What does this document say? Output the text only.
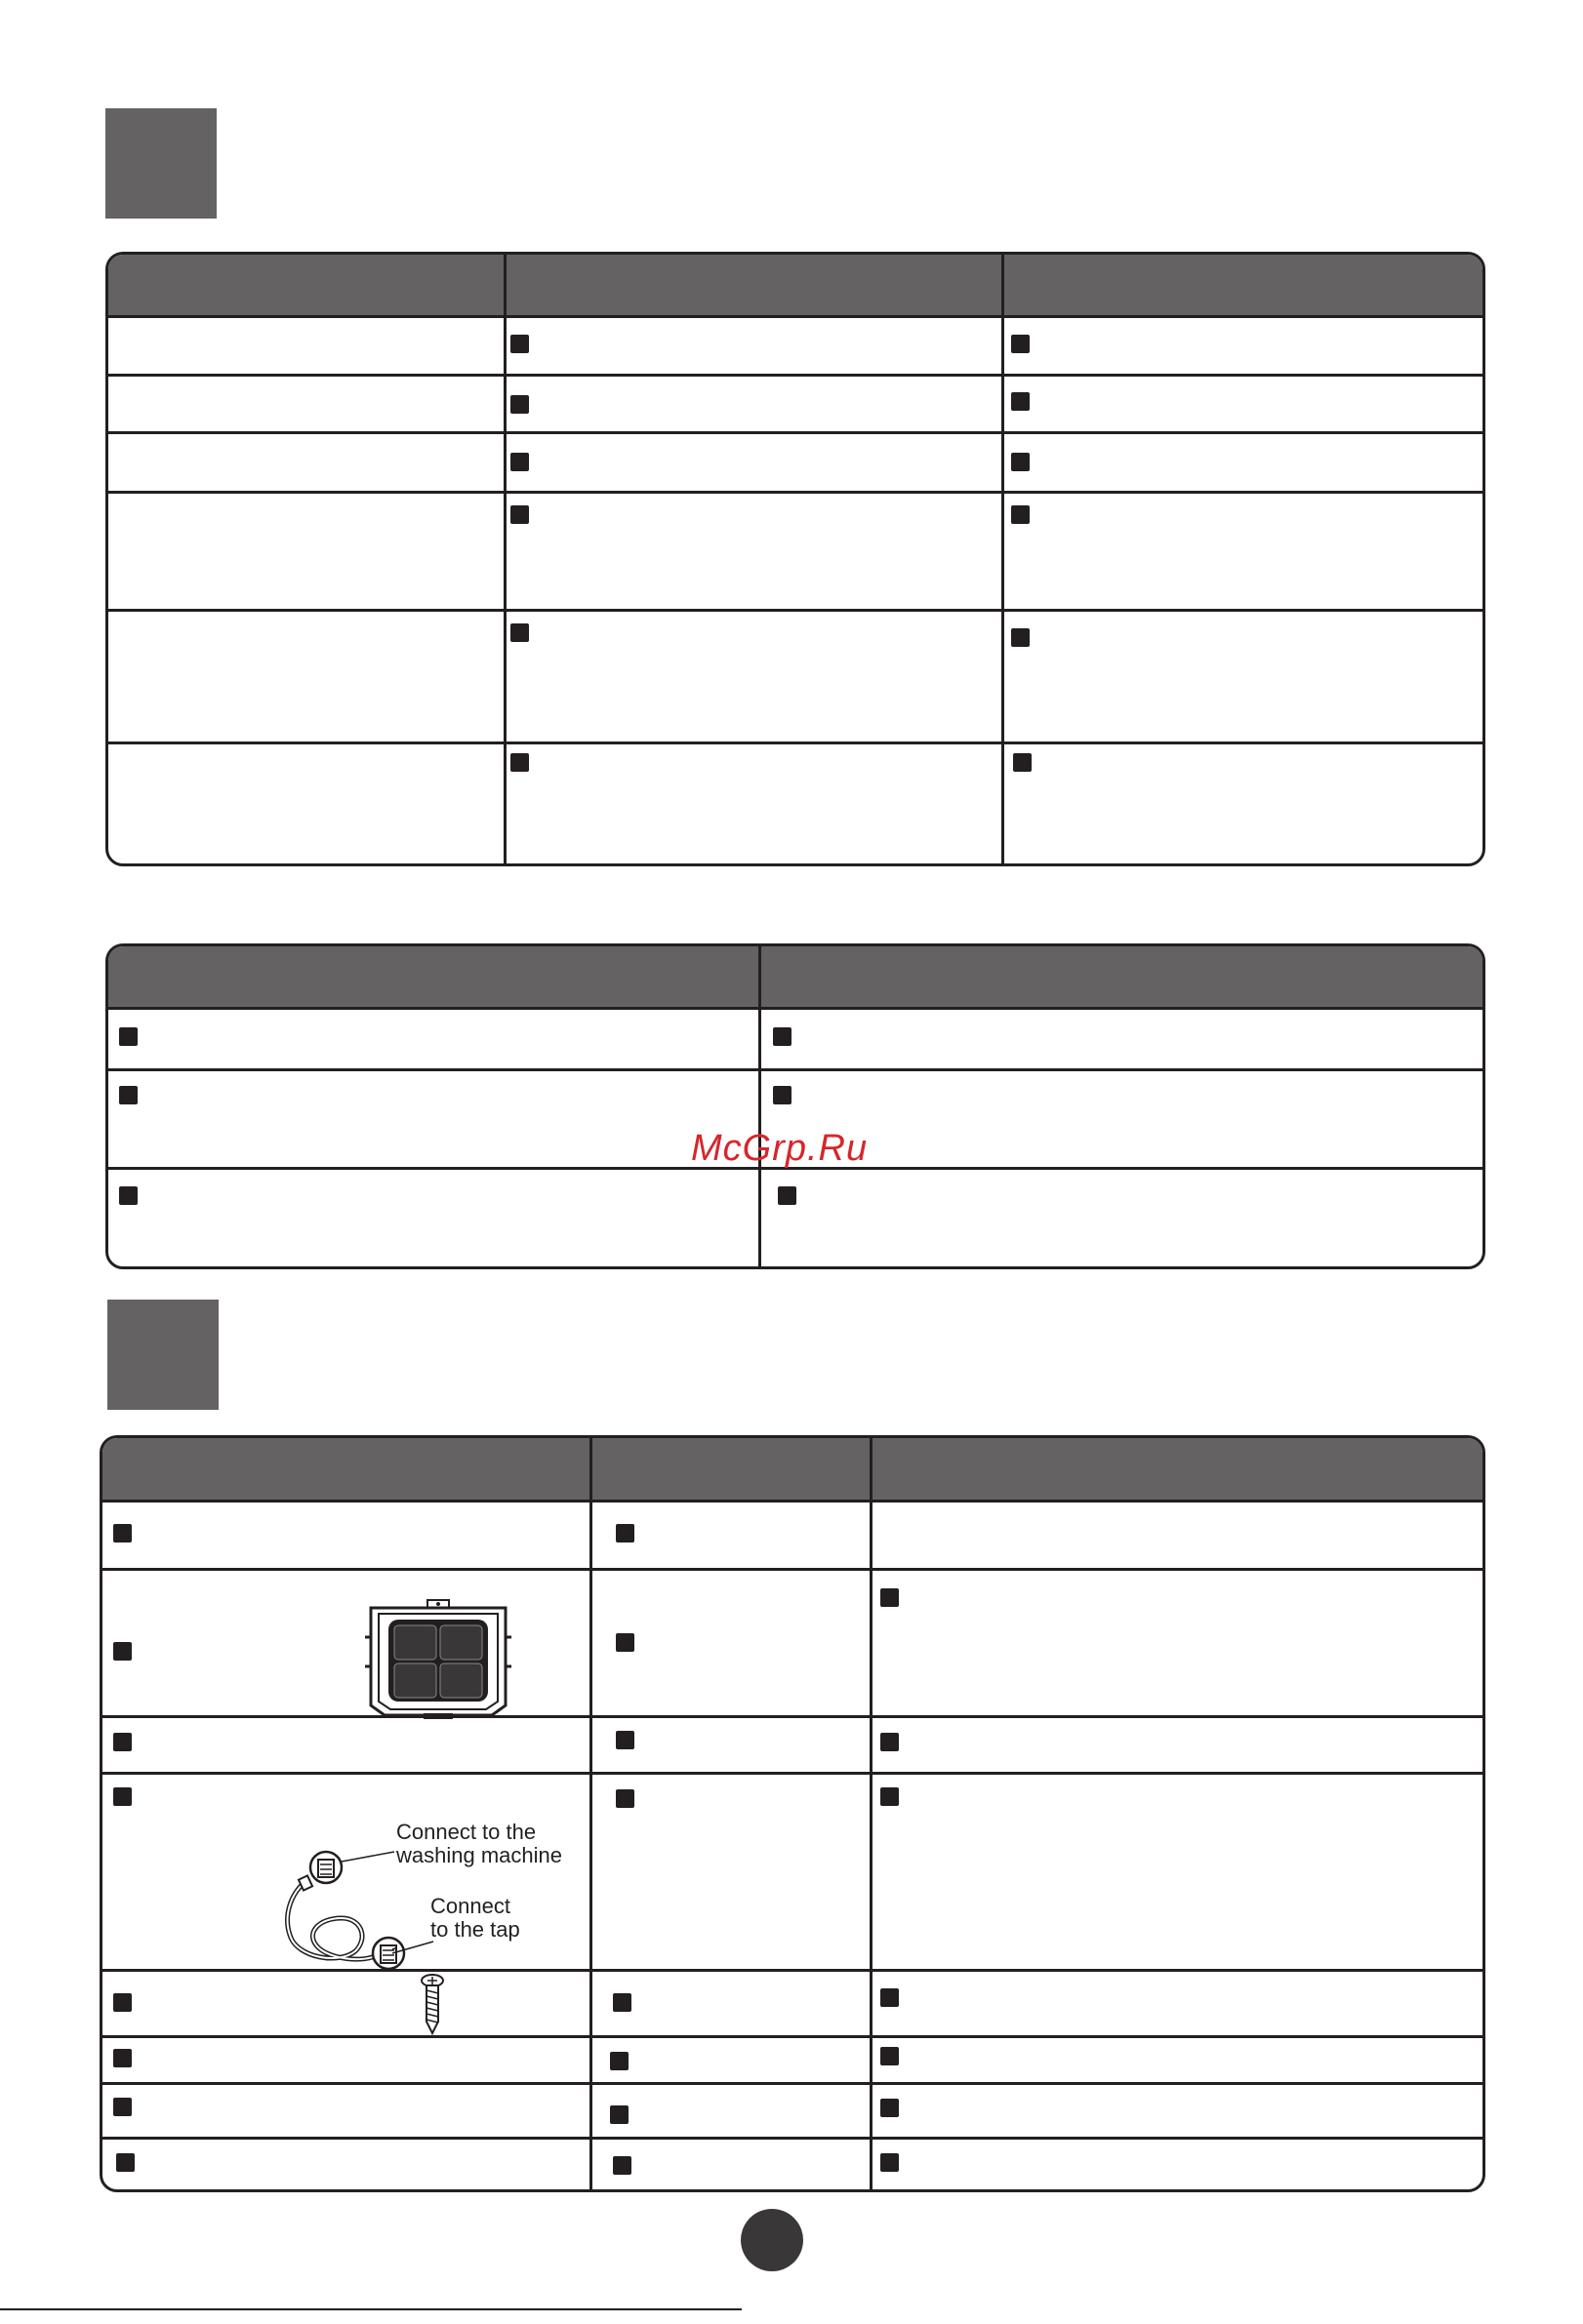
McGrp.Ru
Connect to the
washing machine
Connect
to the tap
